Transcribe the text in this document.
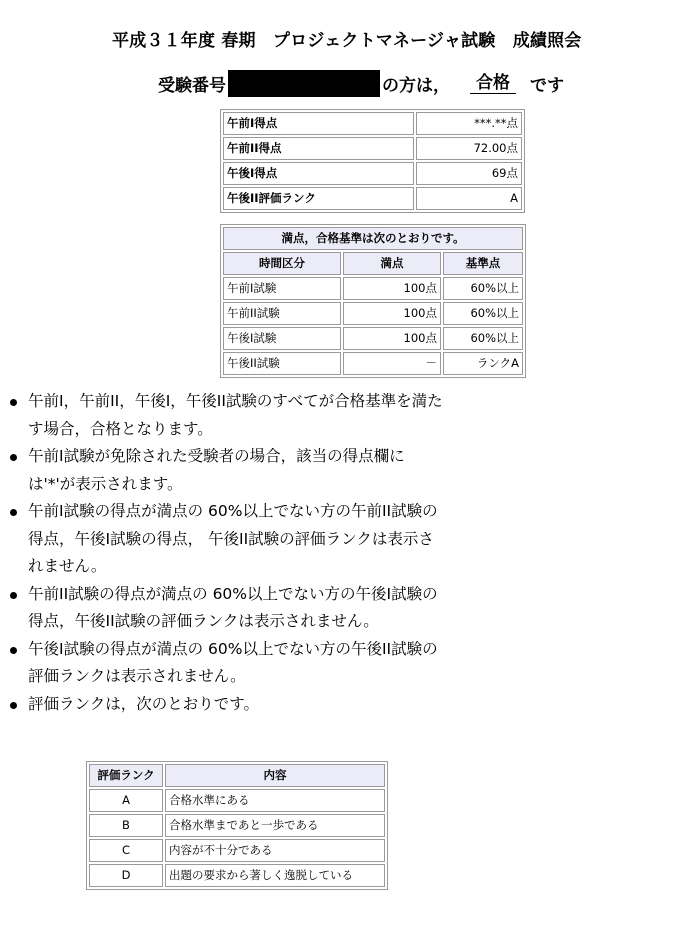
平成３１年度 春期　プロジェクトマネージャ試験　成績照会
受験番号	の方は，	合格	です
午前I得点	***.**点
午前II得点	72.00点
午後I得点	69点
午後II評価ランク	A
満点，合格基準は次のとおりです。		
時間区分	満点	基準点
午前I試験	100点	60%以上
午前II試験	100点	60%以上
午後I試験	100点	60%以上
午後II試験	－	ランクA
午前I，午前II，午後I，午後II試験のすべてが合格基準を満たす場合，合格となります。
午前I試験が免除された受験者の場合，該当の得点欄には'*'が表示されます。
午前I試験の得点が満点の 60%以上でない方の午前II試験の得点，午後I試験の得点， 午後II試験の評価ランクは表示されません。
午前II試験の得点が満点の 60%以上でない方の午後I試験の得点，午後II試験の評価ランクは表示されません。
午後I試験の得点が満点の 60%以上でない方の午後II試験の評価ランクは表示されません。
評価ランクは，次のとおりです。
評価ランク	内容
A	合格水準にある
B	合格水準まであと一歩である
C	内容が不十分である
D	出題の要求から著しく逸脱している
